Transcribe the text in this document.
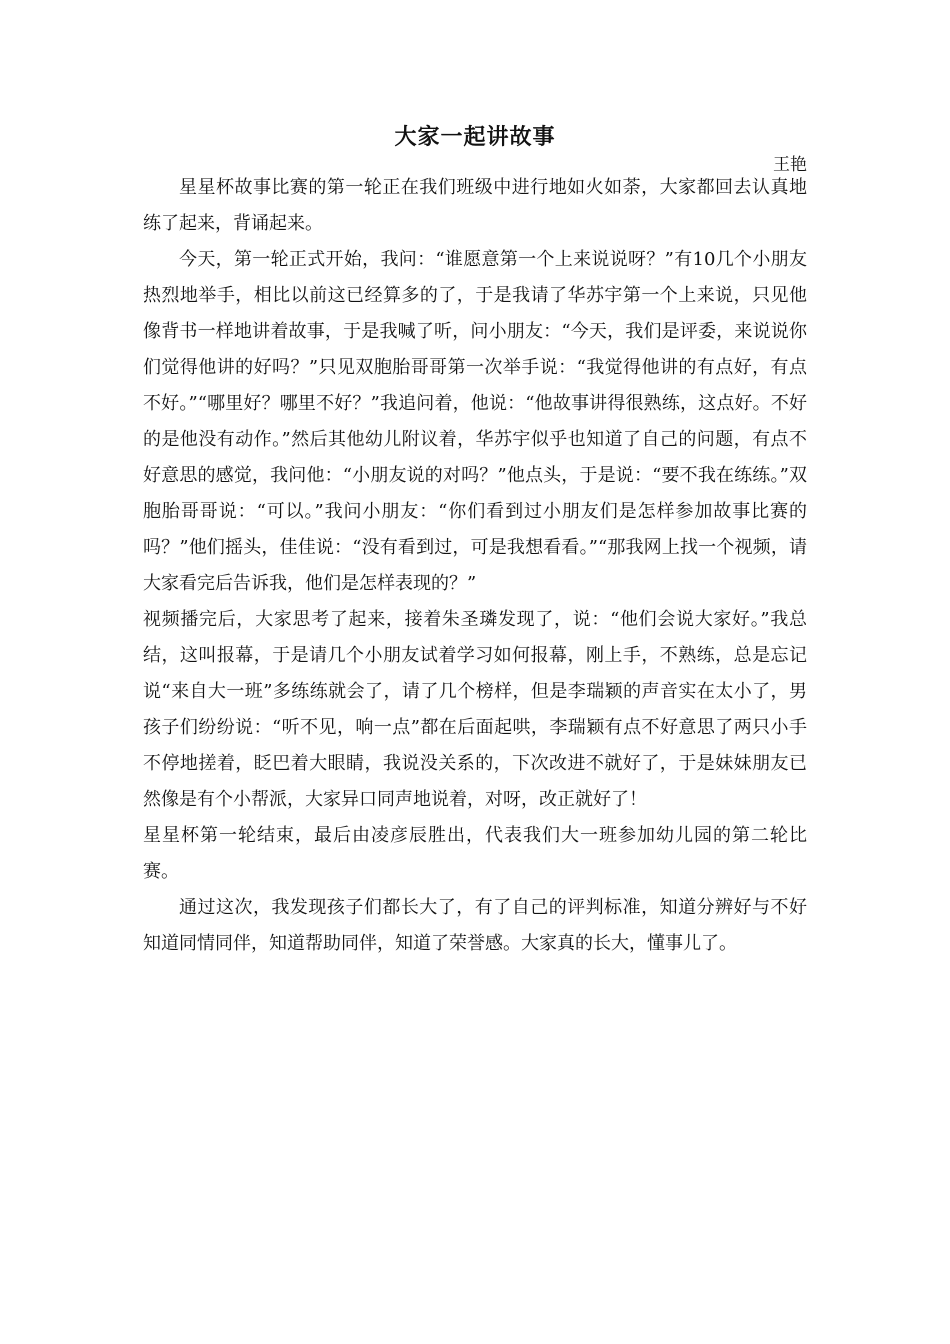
大家一起讲故事
王艳

星星杯故事比赛的第一轮正在我们班级中进行地如火如荼，大家都回去认真地练了起来，背诵起来。

今天，第一轮正式开始，我问：“谁愿意第一个上来说说呀？”有10几个小朋友热烈地举手，相比以前这已经算多的了，于是我请了华苏宇第一个上来说，只见他像背书一样地讲着故事，于是我喊了听，问小朋友：“今天，我们是评委，来说说你们觉得他讲的好吗？”只见双胞胎哥哥第一次举手说：“我觉得他讲的有点好，有点不好。”“哪里好？哪里不好？”我追问着，他说：“他故事讲得很熟练，这点好。不好的是他没有动作。”然后其他幼儿附议着，华苏宇似乎也知道了自己的问题，有点不好意思的感觉，我问他：“小朋友说的对吗？”他点头，于是说：“要不我在练练。”双胞胎哥哥说：“可以。”我问小朋友：“你们看到过小朋友们是怎样参加故事比赛的吗？”他们摇头，佳佳说：“没有看到过，可是我想看看。”“那我网上找一个视频，请大家看完后告诉我，他们是怎样表现的？”

视频播完后，大家思考了起来，接着朱圣璘发现了，说：“他们会说大家好。”我总结，这叫报幕，于是请几个小朋友试着学习如何报幕，刚上手，不熟练，总是忘记说“来自大一班”多练练就会了，请了几个榜样，但是李瑞颖的声音实在太小了，男孩子们纷纷说：“听不见，响一点”都在后面起哄，李瑞颖有点不好意思了两只小手不停地搓着，眨巴着大眼睛，我说没关系的，下次改进不就好了，于是妹妹朋友已然像是有个小帮派，大家异口同声地说着，对呀，改正就好了！

星星杯第一轮结束，最后由凌彦辰胜出，代表我们大一班参加幼儿园的第二轮比赛。

通过这次，我发现孩子们都长大了，有了自己的评判标准，知道分辨好与不好知道同情同伴，知道帮助同伴，知道了荣誉感。大家真的长大，懂事儿了。
